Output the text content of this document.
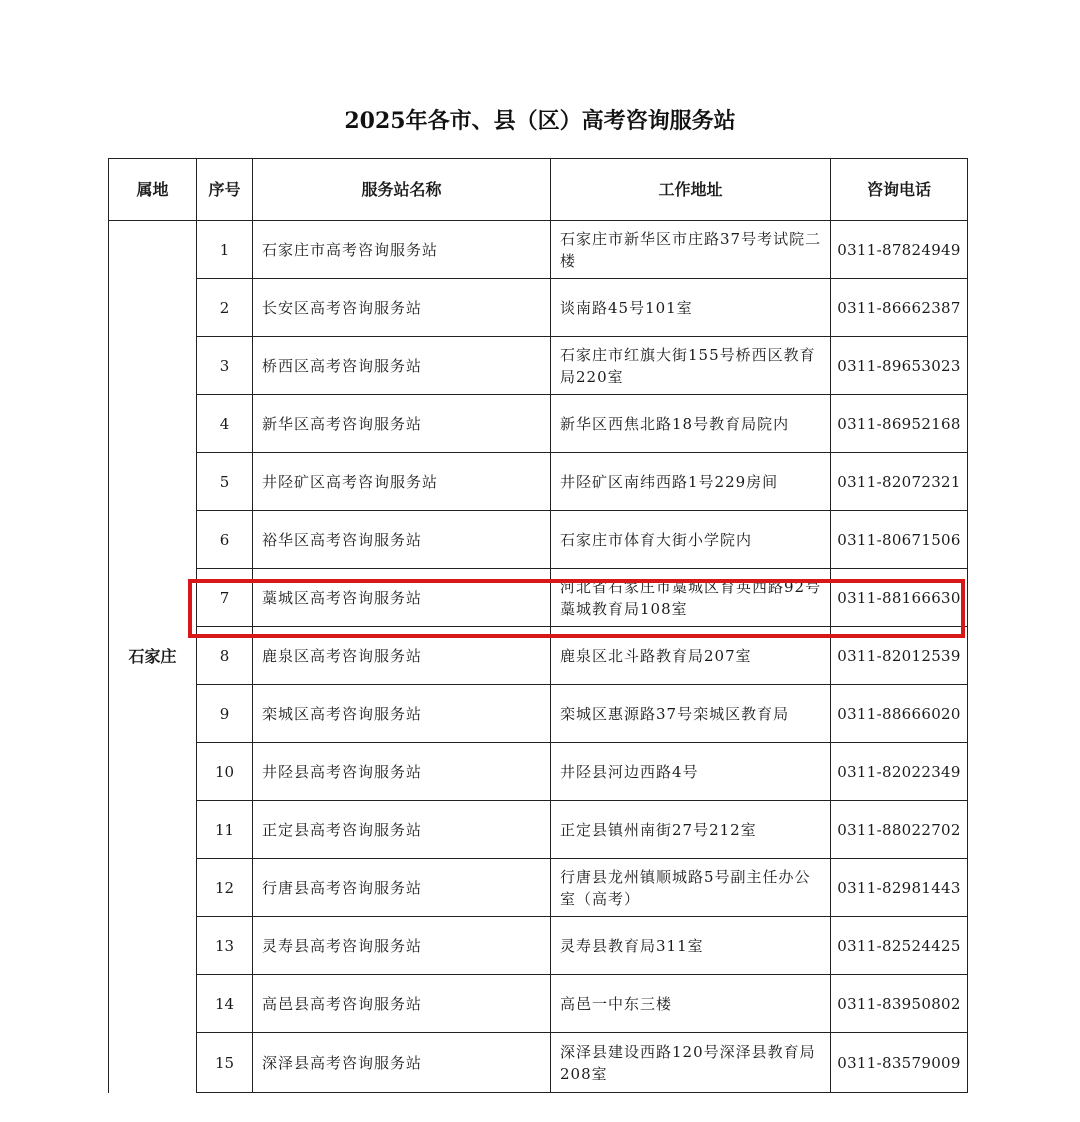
2025年各市、县（区）高考咨询服务站
属地	序号	服务站名称	工作地址	咨询电话

石家庄	1	石家庄市高考咨询服务站	石家庄市新华区市庄路37号考试院二楼	0311-87824949
	2	长安区高考咨询服务站	谈南路45号101室	0311-86662387
	3	桥西区高考咨询服务站	石家庄市红旗大街155号桥西区教育局220室	0311-89653023
	4	新华区高考咨询服务站	新华区西焦北路18号教育局院内	0311-86952168
	5	井陉矿区高考咨询服务站	井陉矿区南纬西路1号229房间	0311-82072321
	6	裕华区高考咨询服务站	石家庄市体育大街小学院内	0311-80671506
	7	藁城区高考咨询服务站	河北省石家庄市藁城区育英西路92号藁城教育局108室	0311-88166630
	8	鹿泉区高考咨询服务站	鹿泉区北斗路教育局207室	0311-82012539
	9	栾城区高考咨询服务站	栾城区惠源路37号栾城区教育局	0311-88666020
	10	井陉县高考咨询服务站	井陉县河边西路4号	0311-82022349
	11	正定县高考咨询服务站	正定县镇州南街27号212室	0311-88022702
	12	行唐县高考咨询服务站	行唐县龙州镇顺城路5号副主任办公室（高考）	0311-82981443
	13	灵寿县高考咨询服务站	灵寿县教育局311室	0311-82524425
	14	高邑县高考咨询服务站	高邑一中东三楼	0311-83950802
	15	深泽县高考咨询服务站	深泽县建设西路120号深泽县教育局208室	0311-83579009
